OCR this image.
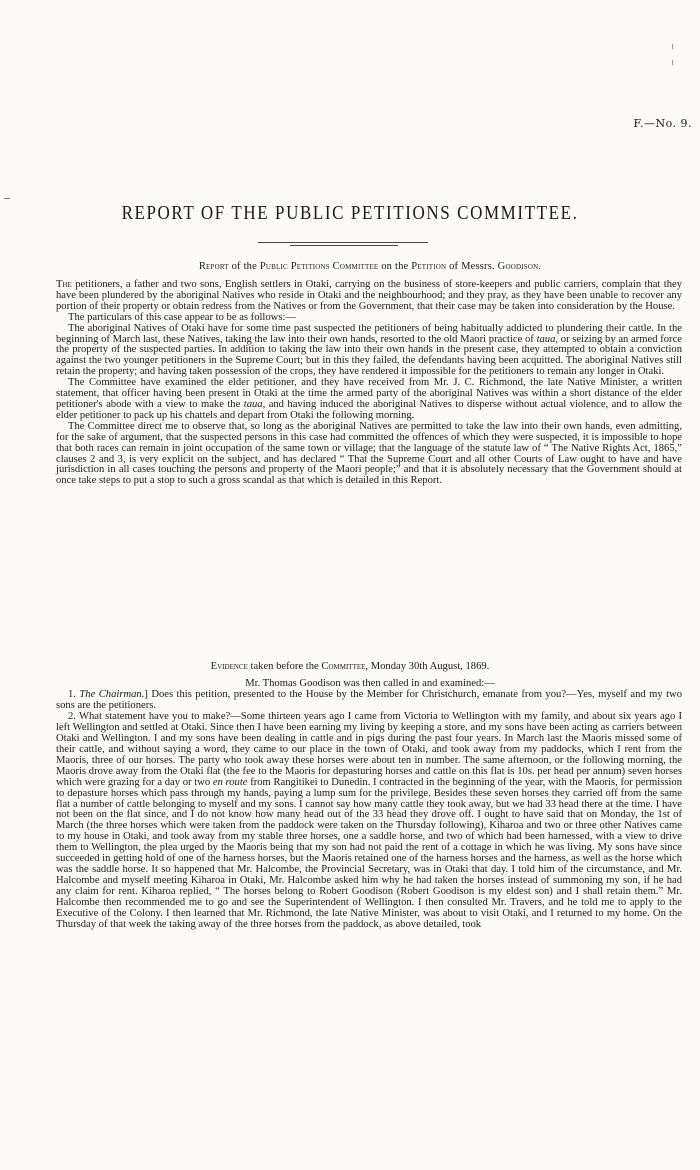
F.—No. 9.
REPORT OF THE PUBLIC PETITIONS COMMITTEE.
Report of the Public Petitions Committee on the Petition of Messrs. Goodison.

The petitioners, a father and two sons, English settlers in Otaki, carrying on the business of store-keepers and public carriers, complain that they have been plundered by the aboriginal Natives who reside in Otaki and the neighbourhood; and they pray, as they have been unable to recover any portion of their property or obtain redress from the Natives or from the Government, that their case may be taken into consideration by the House.

The particulars of this case appear to be as follows:—

The aboriginal Natives of Otaki have for some time past suspected the petitioners of being habitually addicted to plundering their cattle. In the beginning of March last, these Natives, taking the law into their own hands, resorted to the old Maori practice of taua, or seizing by an armed force the property of the suspected parties. In addition to taking the law into their own hands in the present case, they attempted to obtain a conviction against the two younger petitioners in the Supreme Court; but in this they failed, the defendants having been acquitted. The aboriginal Natives still retain the property; and having taken possession of the crops, they have rendered it impossible for the petitioners to remain any longer in Otaki.

The Committee have examined the elder petitioner, and they have received from Mr. J. C. Richmond, the late Native Minister, a written statement, that officer having been present in Otaki at the time the armed party of the aboriginal Natives was within a short distance of the elder petitioner's abode with a view to make the taua, and having induced the aboriginal Natives to disperse without actual violence, and to allow the elder petitioner to pack up his chattels and depart from Otaki the following morning.

The Committee direct me to observe that, so long as the aboriginal Natives are permitted to take the law into their own hands, even admitting, for the sake of argument, that the suspected persons in this case had committed the offences of which they were suspected, it is impossible to hope that both races can remain in joint occupation of the same town or village; that the language of the statute law of “ The Native Rights Act, 1865,” clauses 2 and 3, is very explicit on the subject, and has declared “ That the Supreme Court and all other Courts of Law ought to have and have jurisdiction in all cases touching the persons and property of the Maori people;” and that it is absolutely necessary that the Government should at once take steps to put a stop to such a gross scandal as that which is detailed in this Report.

Evidence taken before the Committee, Monday 30th August, 1869.
Mr. Thomas Goodison was then called in and examined:—

1. The Chairman.] Does this petition, presented to the House by the Member for Christchurch, emanate from you?—Yes, myself and my two sons are the petitioners.

2. What statement have you to make?—Some thirteen years ago I came from Victoria to Wellington with my family, and about six years ago I left Wellington and settled at Otaki. Since then I have been earning my living by keeping a store, and my sons have been acting as carriers between Otaki and Wellington. I and my sons have been dealing in cattle and in pigs during the past four years. In March last the Maoris missed some of their cattle, and without saying a word, they came to our place in the town of Otaki, and took away from my paddocks, which I rent from the Maoris, three of our horses. The party who took away these horses were about ten in number. The same afternoon, or the following morning, the Maoris drove away from the Otaki flat (the fee to the Maoris for depasturing horses and cattle on this flat is 10s. per head per annum) seven horses which were grazing for a day or two en route from Rangitikei to Dunedin. I contracted in the beginning of the year, with the Maoris, for permission to depasture horses which pass through my hands, paying a lump sum for the privilege. Besides these seven horses they carried off from the same flat a number of cattle belonging to myself and my sons. I cannot say how many cattle they took away, but we had 33 head there at the time. I have not been on the flat since, and I do not know how many head out of the 33 head they drove off. I ought to have said that on Monday, the 1st of March (the three horses which were taken from the paddock were taken on the Thursday following), Kiharoa and two or three other Natives came to my house in Otaki, and took away from my stable three horses, one a saddle horse, and two of which had been harnessed, with a view to drive them to Wellington, the plea urged by the Maoris being that my son had not paid the rent of a cottage in which he was living. My sons have since succeeded in getting hold of one of the harness horses, but the Maoris retained one of the harness horses and the harness, as well as the horse which was the saddle horse. It so happened that Mr. Halcombe, the Provincial Secretary, was in Otaki that day. I told him of the circumstance, and Mr. Halcombe and myself meeting Kiharoa in Otaki, Mr. Halcombe asked him why he had taken the horses instead of summoning my son, if he had any claim for rent. Kiharoa replied, “ The horses belong to Robert Goodison (Robert Goodison is my eldest son) and I shall retain them.” Mr. Halcombe then recommended me to go and see the Superintendent of Wellington. I then consulted Mr. Travers, and he told me to apply to the Executive of the Colony. I then learned that Mr. Richmond, the late Native Minister, was about to visit Otaki, and I returned to my home. On the Thursday of that week the taking away of the three horses from the paddock, as above detailed, took
